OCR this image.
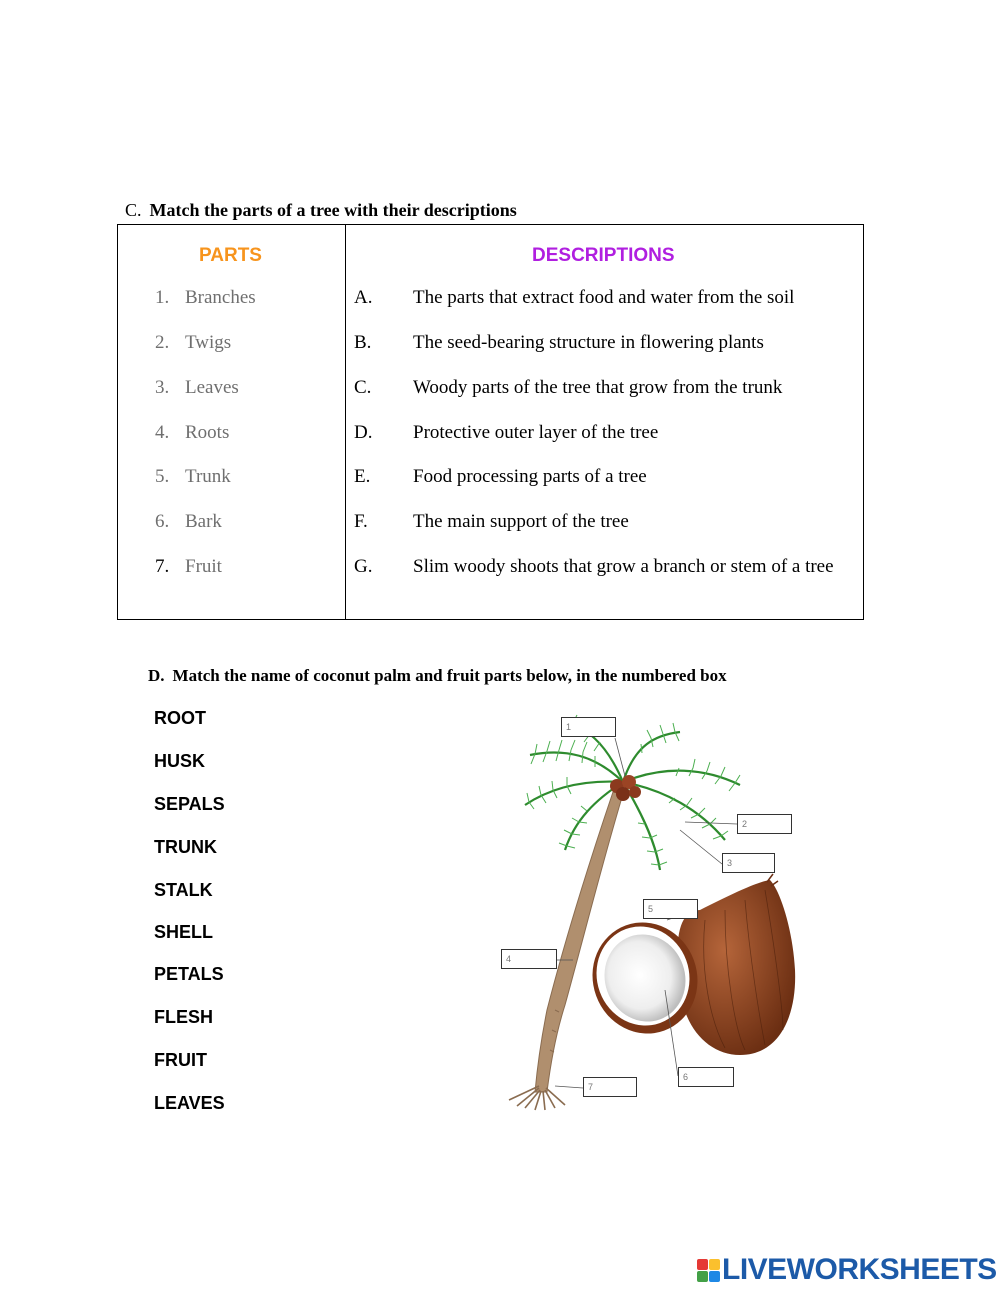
C. Match the parts of a tree with their descriptions
PARTS	DESCRIPTIONS
1. Branches
2. Twigs
3. Leaves
4. Roots
5. Trunk
6. Bark
7. Fruit
A. The parts that extract food and water from the soil
B. The seed-bearing structure in flowering plants
C. Woody parts of the tree that grow from the trunk
D. Protective outer layer of the tree
E. Food processing parts of a tree
F. The main support of the tree
G. Slim woody shoots that grow a branch or stem of a tree
D. Match the name of coconut palm and fruit parts below, in the numbered box
ROOT
HUSK
SEPALS
TRUNK
STALK
SHELL
PETALS
FLESH
FRUIT
LEAVES
1
2
3
4
5
6
7
LIVEWORKSHEETS
